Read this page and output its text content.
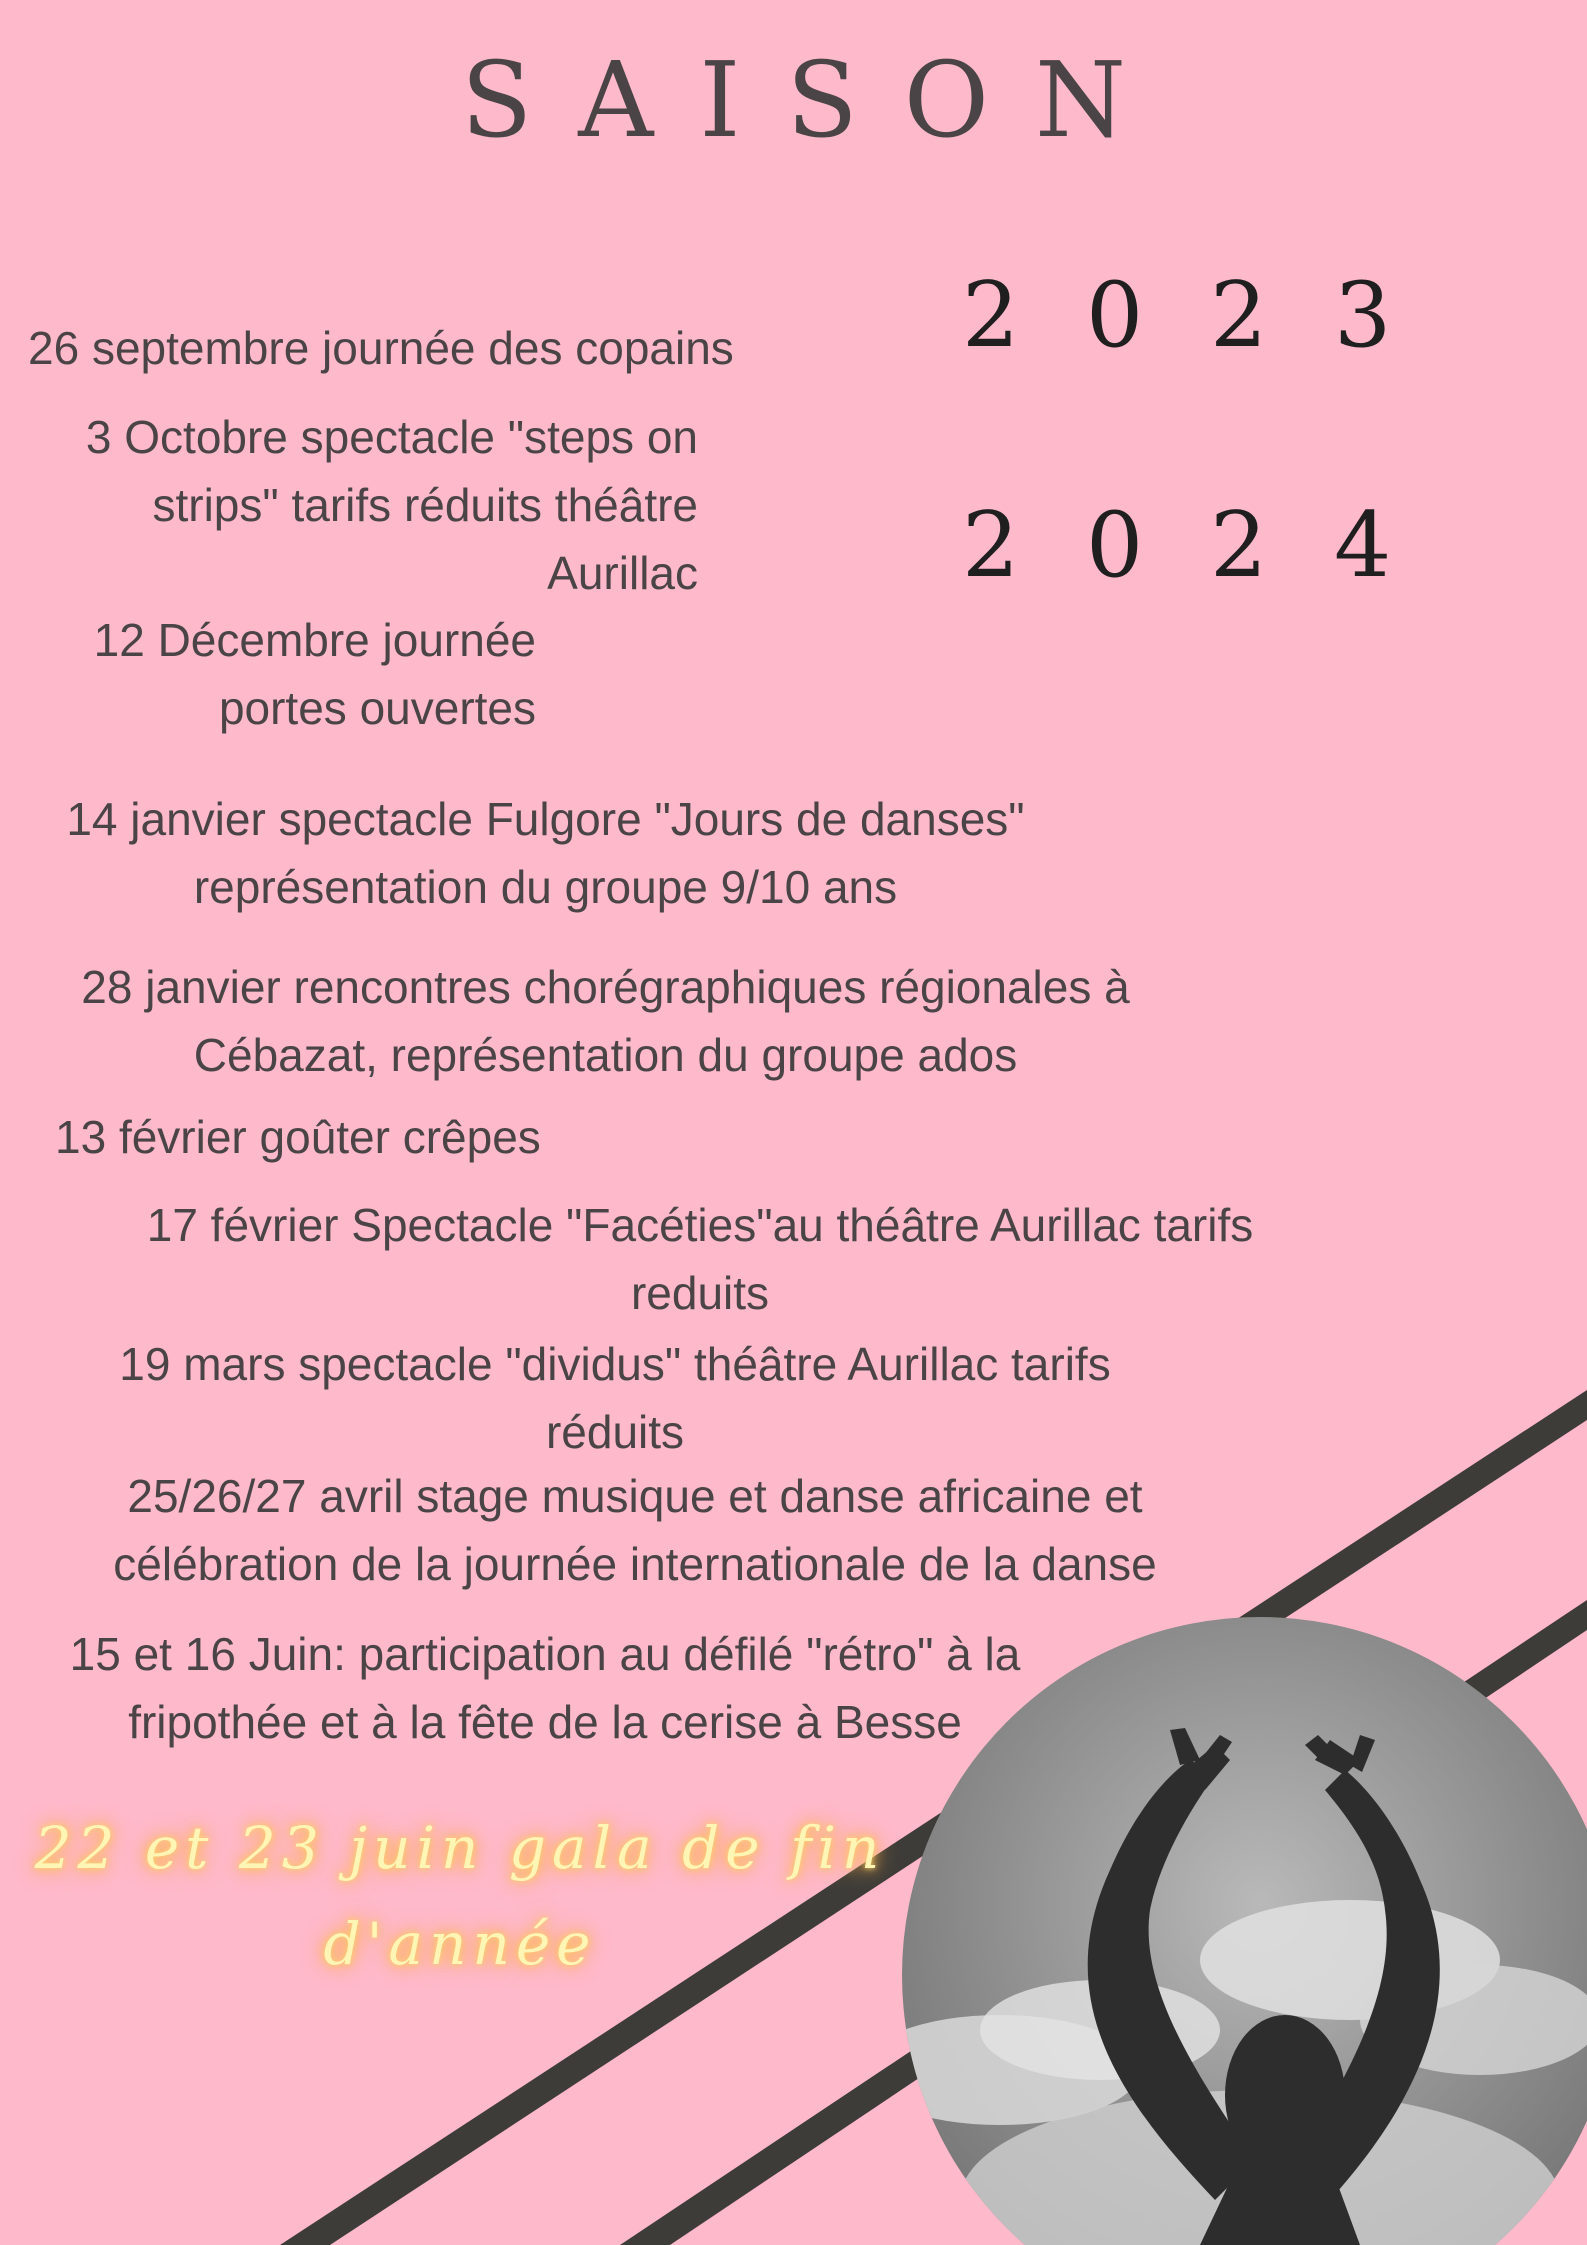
SAISON
2 0 2 3
2 0 2 4
26 septembre journée des copains
3 Octobre spectacle "steps on
strips" tarifs réduits théâtre
Aurillac
12 Décembre journée
portes ouvertes
14 janvier spectacle Fulgore "Jours de danses"
représentation du groupe 9/10 ans
28 janvier rencontres chorégraphiques régionales à
Cébazat, représentation du groupe ados
13 février goûter crêpes
17 février Spectacle "Facéties"au théâtre Aurillac tarifs
reduits
19 mars spectacle "dividus" théâtre Aurillac tarifs
réduits
25/26/27 avril stage musique et danse africaine et
célébration de la journée internationale de la danse
15 et 16 Juin: participation au défilé "rétro" à la
fripothée et à la fête de la cerise à Besse
22 et 23 juin gala de fin
d'année
